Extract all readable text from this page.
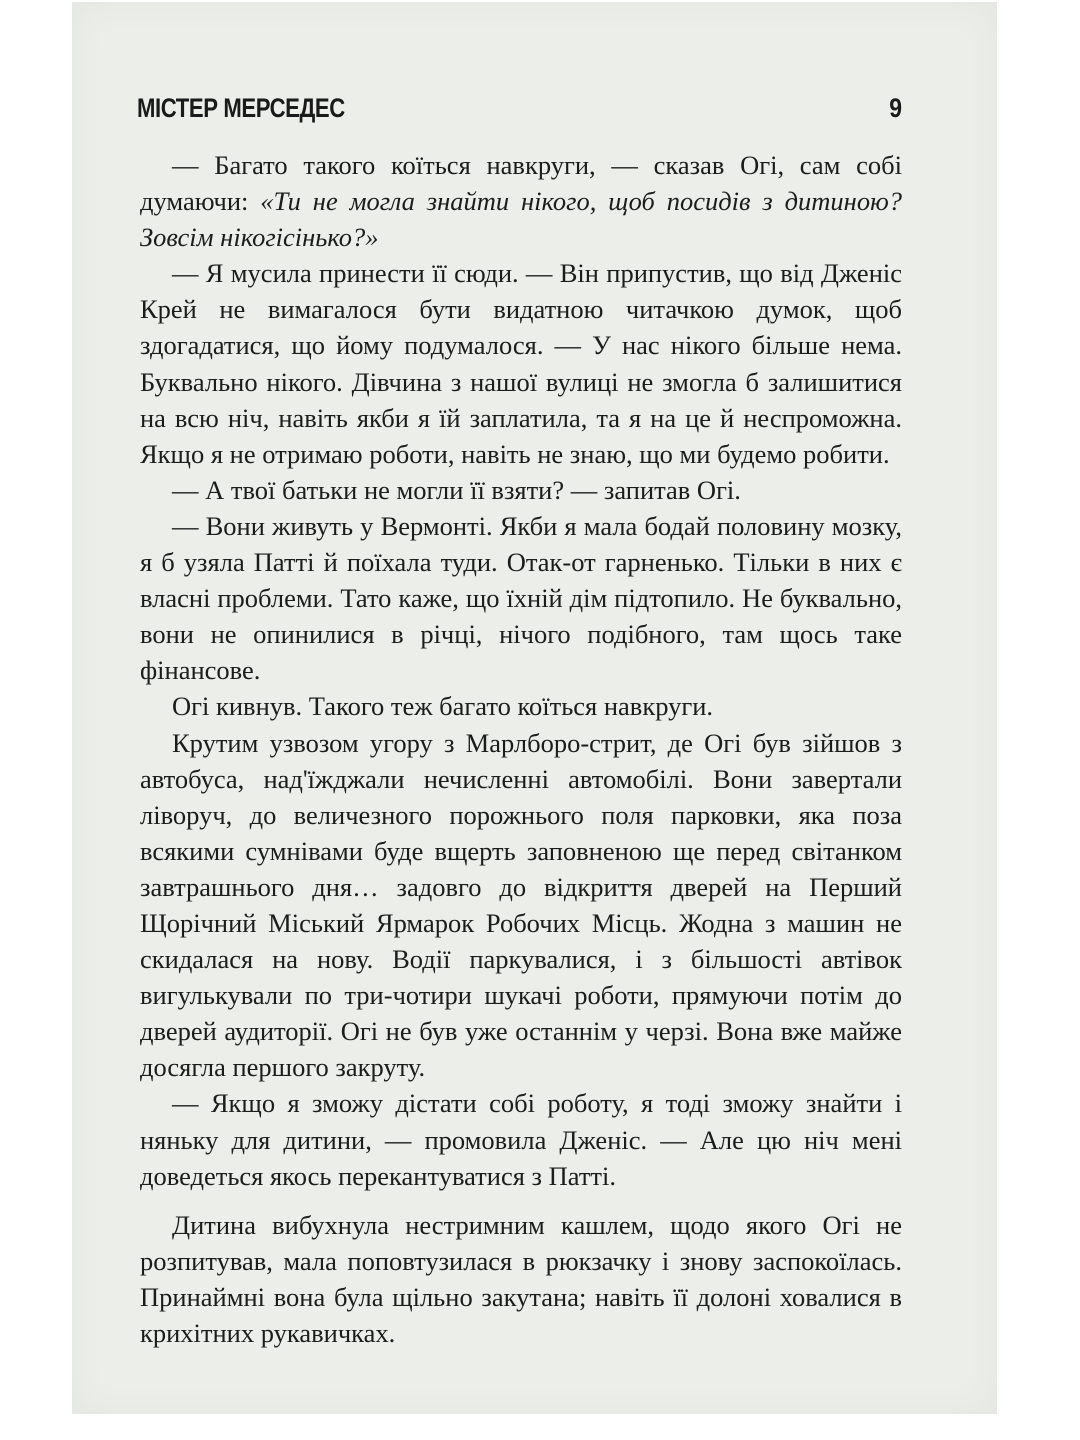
МІСТЕР МЕРСЕДЕС	9

— Багато такого коїться навкруги, — сказав Огі, сам собі думаючи: «Ти не могла знайти нікого, щоб посидів з дитиною? Зовсім нікогісінько?»

— Я мусила принести її сюди. — Він припустив, що від Дженіс Крей не вимагалося бути видатною читачкою думок, щоб здогадатися, що йому подумалося. — У нас нікого більше нема. Буквально нікого. Дівчина з нашої вулиці не змогла б залишитися на всю ніч, навіть якби я їй заплатила, та я на це й неспроможна. Якщо я не отримаю роботи, навіть не знаю, що ми будемо робити.

— А твої батьки не могли її взяти? — запитав Огі.

— Вони живуть у Вермонті. Якби я мала бодай половину мозку, я б узяла Патті й поїхала туди. Отак-от гарненько. Тільки в них є власні проблеми. Тато каже, що їхній дім підтопило. Не буквально, вони не опинилися в річці, нічого подібного, там щось таке фінансове.

Огі кивнув. Такого теж багато коїться навкруги.

Крутим узвозом угору з Марлборо-стрит, де Огі був зійшов з автобуса, над'їжджали нечисленні автомобілі. Вони завертали ліворуч, до величезного порожнього поля парковки, яка поза всякими сумнівами буде вщерть заповненою ще перед світанком завтрашнього дня… задовго до відкриття дверей на Перший Щорічний Міський Ярмарок Робочих Місць. Жодна з машин не скидалася на нову. Водії паркувалися, і з більшості автівок вигулькували по три-чотири шукачі роботи, прямуючи потім до дверей аудиторії. Огі не був уже останнім у черзі. Вона вже майже досягла першого закруту.

— Якщо я зможу дістати собі роботу, я тоді зможу знайти і няньку для дитини, — промовила Дженіс. — Але цю ніч мені доведеться якось перекантуватися з Патті.

Дитина вибухнула нестримним кашлем, щодо якого Огі не розпитував, мала поповтузилася в рюкзачку і знову заспокоїлась. Принаймні вона була щільно закутана; навіть її долоні ховалися в крихітних рукавичках.
